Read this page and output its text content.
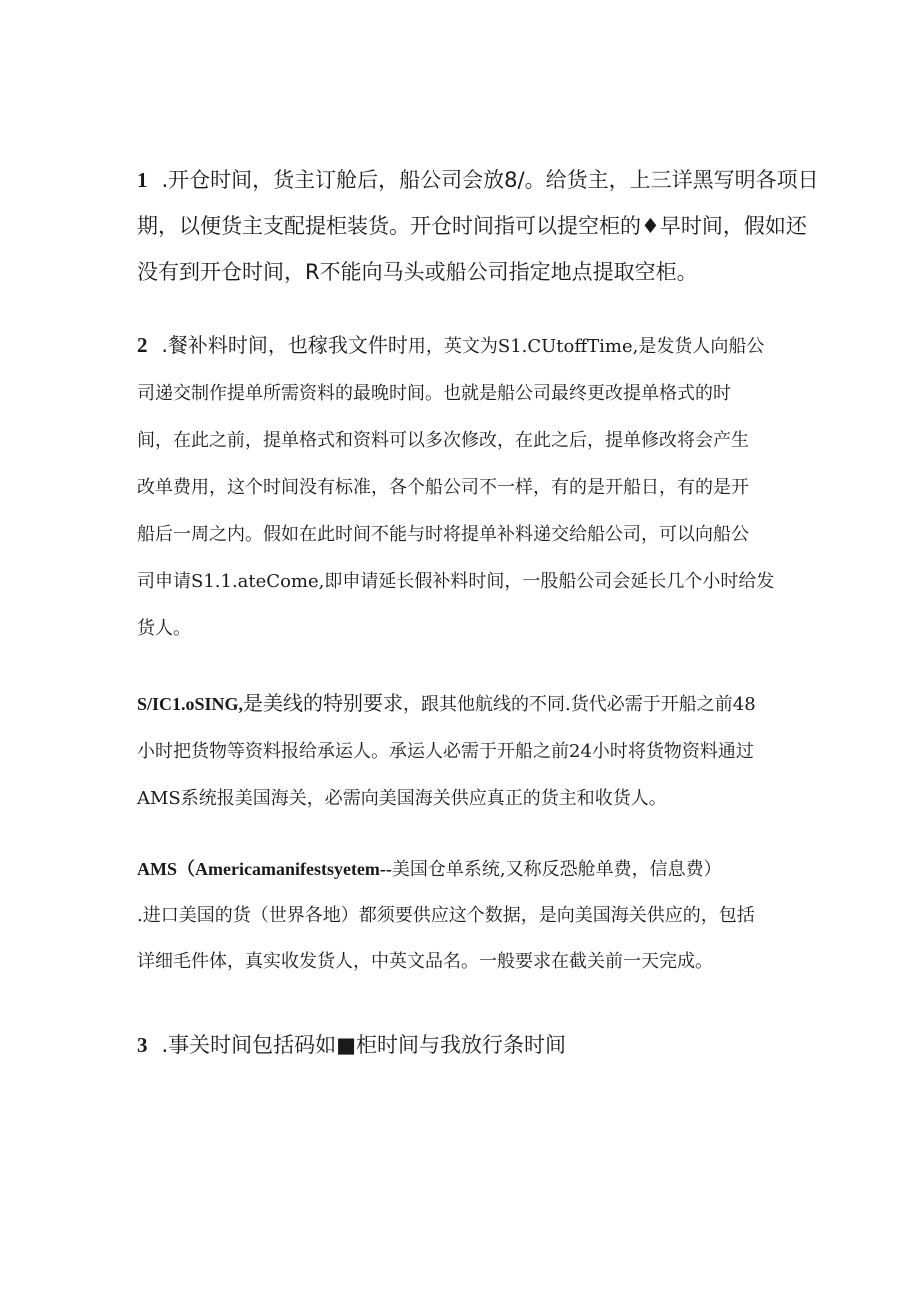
1 .开仓时间，货主订舱后，船公司会放8/。给货主，上三详黑写明各项日
期，以便货主支配提柜装货。开仓时间指可以提空柜的♦早时间，假如还
没有到开仓时间，R不能向马头或船公司指定地点提取空柜。
2 .餐补料时间，也稼我文件时用，英文为S1.CUtoffTime,是发货人向船公
司递交制作提单所需资料的最晚时间。也就是船公司最终更改提单格式的时
间，在此之前，提单格式和资料可以多次修改，在此之后，提单修改将会产生
改单费用，这个时间没有标准，各个船公司不一样，有的是开船日，有的是开
船后一周之内。假如在此时间不能与时将提单补料递交给船公司，可以向船公
司申请S1.1.ateCome,即申请延长假补料时间，一股船公司会延长几个小时给发
货人。
S/IC1.oSING,是美线的特别要求，跟其他航线的不同.货代必需于开船之前48
小时把货物等资料报给承运人。承运人必需于开船之前24小时将货物资料通过
AMS系统报美国海关，必需向美国海关供应真正的货主和收货人。
AMS（Americamanifestsyetem--美国仓单系统,又称反恐舱单费，信息费）
.进口美国的货（世界各地）都须要供应这个数据，是向美国海关供应的，包括
详细毛件体，真实收发货人，中英文品名。一般要求在截关前一天完成。
3 .事关时间包括码如■柜时间与我放行条时间
